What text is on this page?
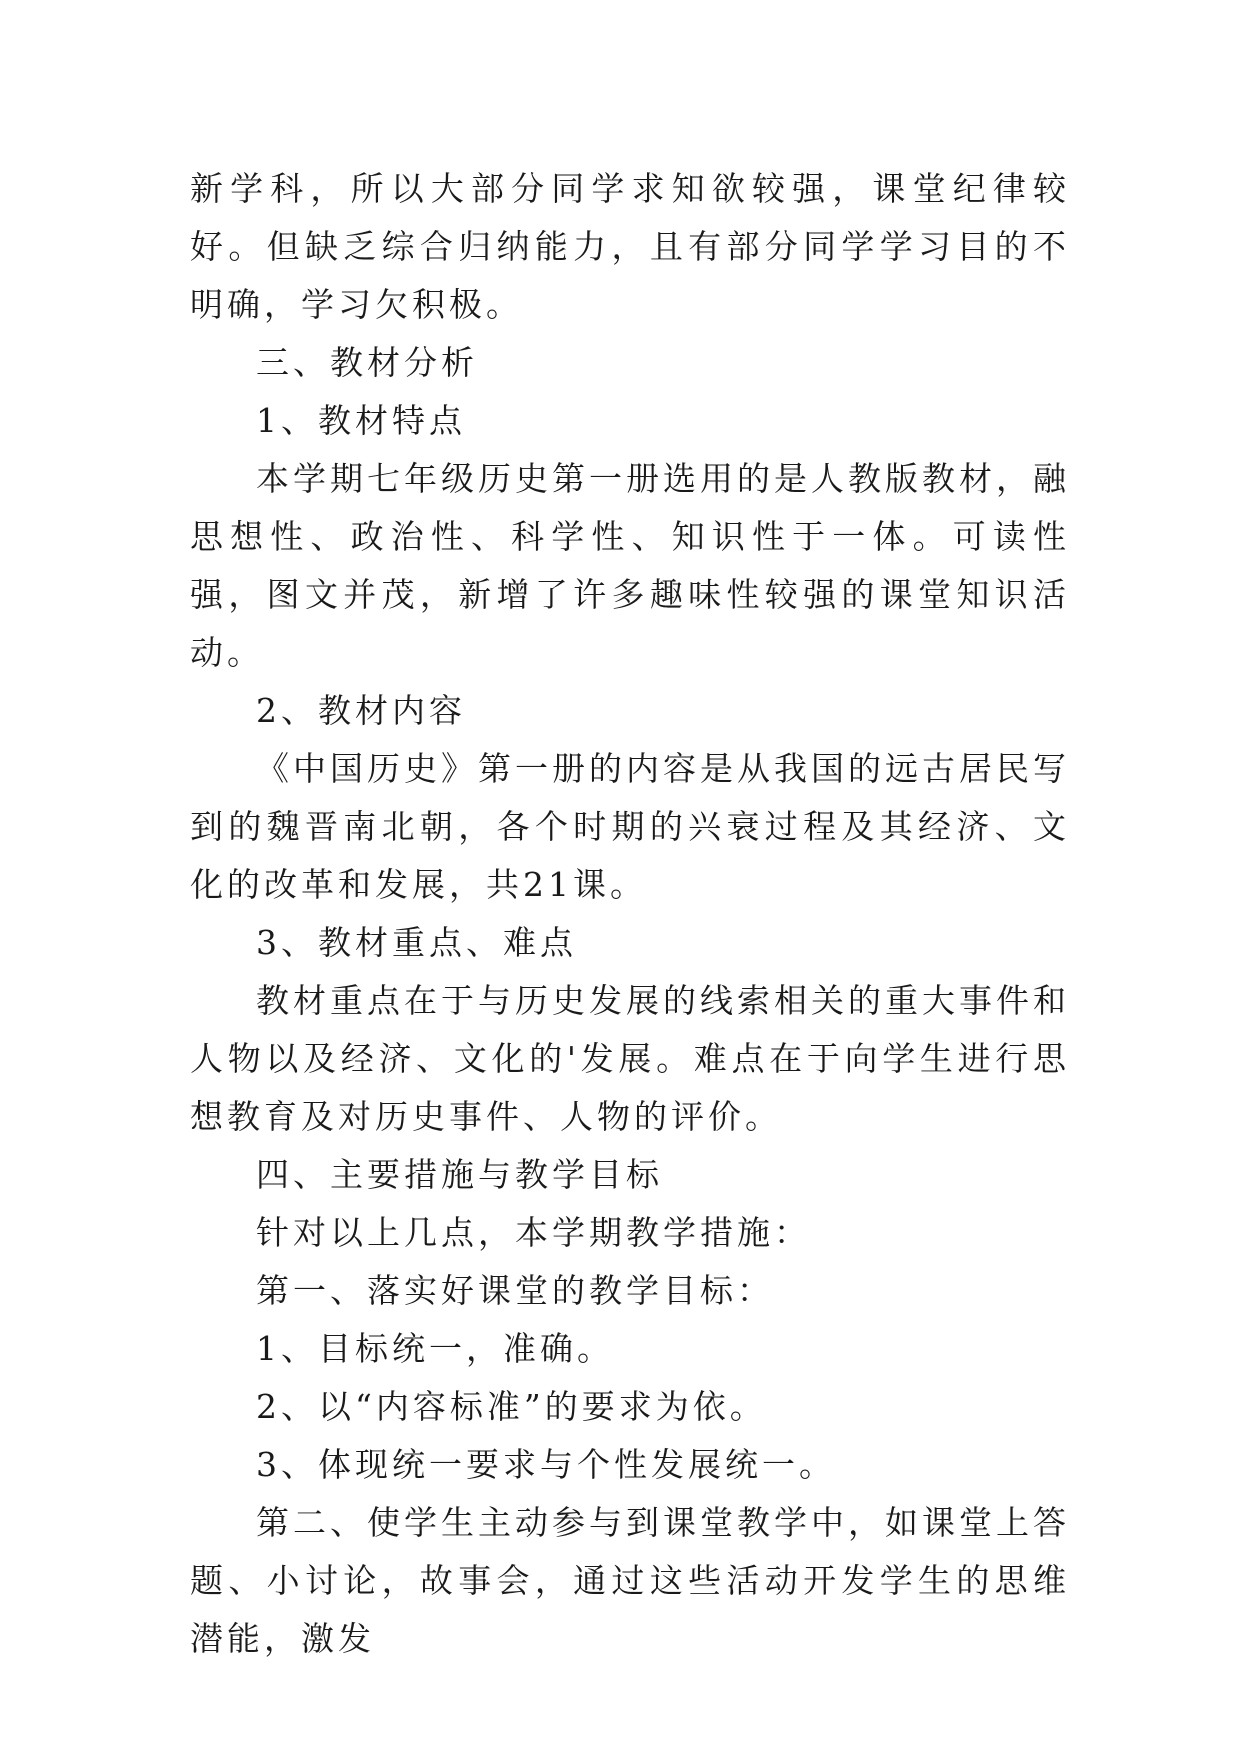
新学科，所以大部分同学求知欲较强，课堂纪律较好。但缺乏综合归纳能力，且有部分同学学习目的不明确，学习欠积极。

三、教材分析

1、教材特点

本学期七年级历史第一册选用的是人教版教材，融思想性、政治性、科学性、知识性于一体。可读性强，图文并茂，新增了许多趣味性较强的课堂知识活动。

2、教材内容

《中国历史》第一册的内容是从我国的远古居民写到的魏晋南北朝，各个时期的兴衰过程及其经济、文化的改革和发展，共21课。

3、教材重点、难点

教材重点在于与历史发展的线索相关的重大事件和人物以及经济、文化的'发展。难点在于向学生进行思想教育及对历史事件、人物的评价。

四、主要措施与教学目标

针对以上几点，本学期教学措施：

第一、落实好课堂的教学目标：

1、目标统一，准确。

2、以“内容标准”的要求为依。

3、体现统一要求与个性发展统一。

第二、使学生主动参与到课堂教学中，如课堂上答题、小讨论，故事会，通过这些活动开发学生的思维潜能，激发
